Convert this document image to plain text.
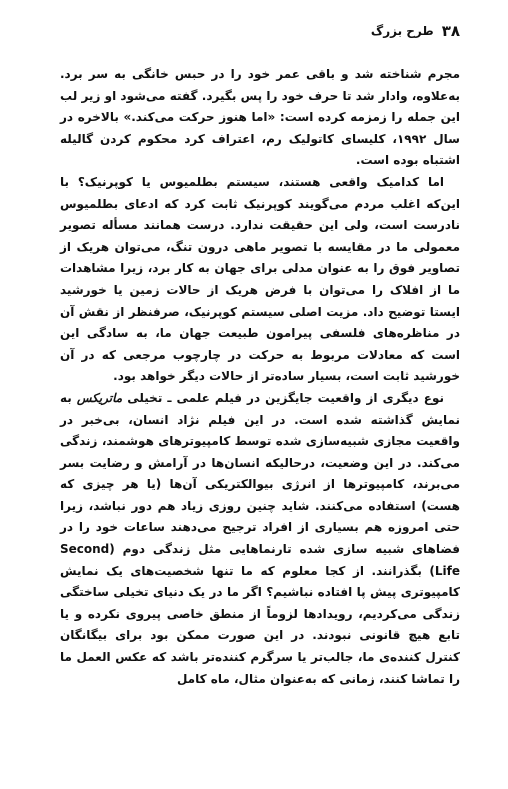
۳۸
طرح بزرگ

مجرم شناخته شد و باقی عمر خود را در حبس خانگی به سر برد. به‌علاوه، وادار شد تا حرف خود را پس بگیرد. گفته می‌شود او زیر لب این جمله را زمزمه کرده است: «اما هنوز حرکت می‌کند.» بالاخره در سال ۱۹۹۲، کلیسای کاتولیک رم، اعتراف کرد محکوم کردن گالیله اشتباه بوده است.

اما کدامیک واقعی هستند، سیستم بطلمیوس یا کوپرنیک؟ با این‌که اغلب مردم می‌گویند کوپرنیک ثابت کرد که ادعای بطلمیوس نادرست است، ولی این حقیقت ندارد. درست همانند مسأله تصویر معمولی ما در مقایسه با تصویر ماهی درون تنگ، می‌توان هریک از تصاویر فوق را به عنوان مدلی برای جهان به کار برد، زیرا مشاهدات ما از افلاک را می‌توان با فرض هریک از حالات زمین یا خورشید ایستا توضیح داد. مزیت اصلی سیستم کوپرنیک، صرفنظر از نقش آن در مناظره‌های فلسفی پیرامون طبیعت جهان ما، به سادگی این است که معادلات مربوط به حرکت در چارچوب مرجعی که در آن خورشید ثابت است، بسیار ساده‌تر از حالات دیگر خواهد بود.

نوع دیگری از واقعیت جایگزین در فیلم علمی ـ تخیلی ماتریکس به نمایش گذاشته شده است. در این فیلم نژاد انسان، بی‌خبر در واقعیت مجازی شبیه‌سازی شده توسط کامپیوترهای هوشمند، زندگی می‌کند. در این وضعیت، درحالیکه انسان‌ها در آرامش و رضایت بسر می‌برند، کامپیوترها از انرژی بیوالکتریکی آن‌ها (یا هر چیزی که هست) استفاده می‌کنند. شاید چنین روزی زیاد هم دور نباشد، زیرا حتی امروزه هم بسیاری از افراد ترجیح می‌دهند ساعات خود را در فضاهای شبیه سازی شده تارنماهایی مثل زندگی دوم (Second Life) بگذرانند. از کجا معلوم که ما تنها شخصیت‌های یک نمایش کامپیوتری پیش پا افتاده نباشیم؟ اگر ما در یک دنیای تخیلی ساختگی زندگی می‌کردیم، رویدادها لزوماً از منطق خاصی پیروی نکرده و یا تابع هیچ قانونی نبودند. در این صورت ممکن بود برای بیگانگان کنترل کننده‌ی ما، جالب‌تر یا سرگرم کننده‌تر باشد که عکس العمل ما را تماشا کنند، زمانی که به‌عنوان مثال، ماه کامل
